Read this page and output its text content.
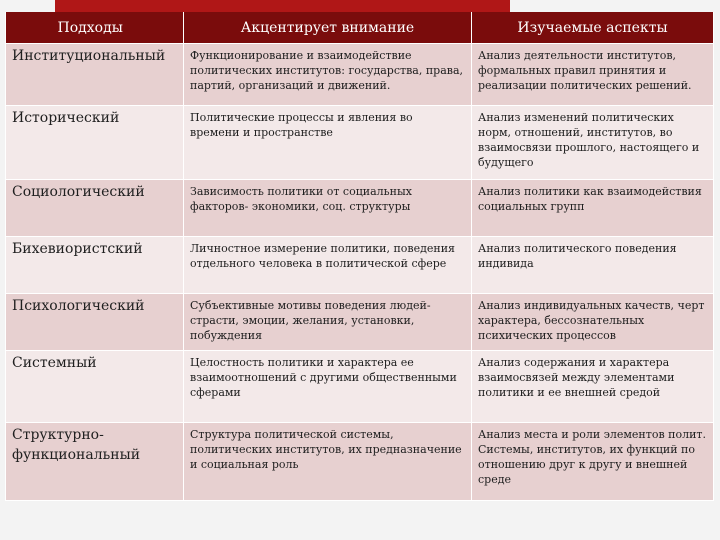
Подходы	Акцентирует внимание	Изучаемые аспекты
Институциональный	Функционирование и взаимодействие политических институтов: государства, права, партий, организаций и движений.	Анализ деятельности институтов, формальных правил принятия и реализации политических решений.
Исторический	Политические процессы и явления во времени и пространстве	Анализ изменений политических норм, отношений, институтов, во взаимосвязи прошлого, настоящего и будущего
Социологический	Зависимость политики от социальных факторов- экономики, соц. структуры	Анализ политики как взаимодействия социальных групп
Бихевиористский	Личностное измерение политики, поведения отдельного человека в политической сфере	Анализ политического поведения индивида
Психологический	Субъективные мотивы поведения людей- страсти, эмоции, желания, установки, побуждения	Анализ индивидуальных качеств, черт характера, бессознательных психических процессов
Системный	Целостность политики и характера ее взаимоотношений с другими общественными сферами	Анализ содержания и характера взаимосвязей между элементами политики и ее внешней средой
Структурно-функциональный	Структура политической системы, политических институтов, их предназначение и социальная роль	Анализ места и роли элементов полит. Системы, институтов, их функций по отношению друг к другу и внешней среде
